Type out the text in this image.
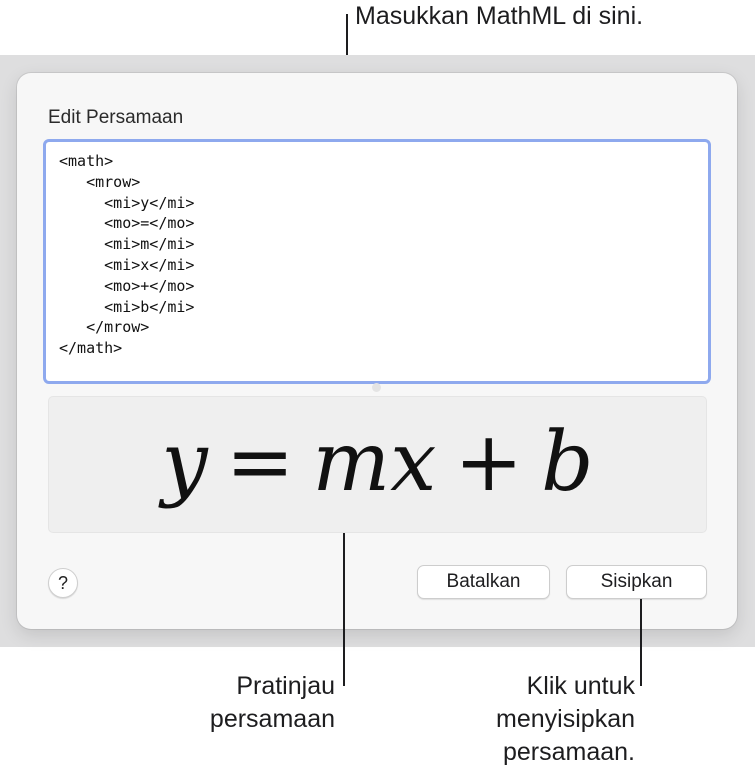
Masukkan MathML di sini.
Edit Persamaan
<math>
<mrow>
<mi>y</mi>
<mo>=</mo>
<mi>m</mi>
<mi>x</mi>
<mo>+</mo>
<mi>b</mi>
</mrow>
</math>
y = mx + b
?	Batalkan	Sisipkan
Pratinjau
persamaan
Klik untuk
menyisipkan
persamaan.
